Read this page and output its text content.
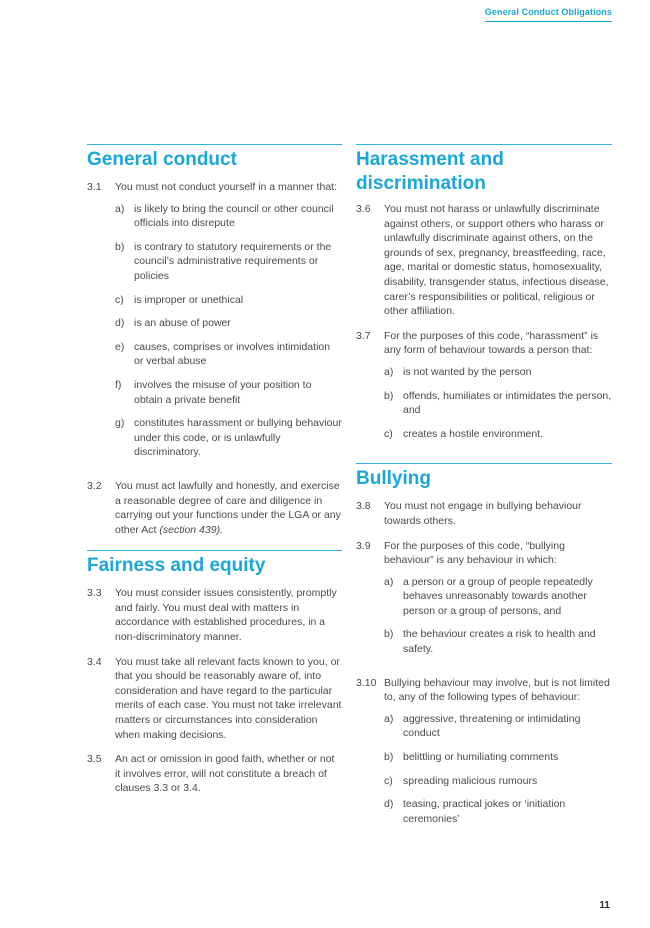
General Conduct Obligations
General conduct
3.1	You must not conduct yourself in a manner that:
a) is likely to bring the council or other council officials into disrepute
b) is contrary to statutory requirements or the council’s administrative requirements or policies
c) is improper or unethical
d) is an abuse of power
e) causes, comprises or involves intimidation or verbal abuse
f)	involves the misuse of your position to obtain a private benefit
g) constitutes harassment or bullying behaviour under this code, or is unlawfully discriminatory.
3.2	You must act lawfully and honestly, and exercise a reasonable degree of care and diligence in carrying out your functions under the LGA or any other Act (section 439).
Fairness and equity
3.3	You must consider issues consistently, promptly and fairly. You must deal with matters in accordance with established procedures, in a non-discriminatory manner.
3.4	You must take all relevant facts known to you, or that you should be reasonably aware of, into consideration and have regard to the particular merits of each case. You must not take irrelevant matters or circumstances into consideration when making decisions.
3.5	An act or omission in good faith, whether or not it involves error, will not constitute a breach of clauses 3.3 or 3.4.
Harassment and discrimination
3.6	You must not harass or unlawfully discriminate against others, or support others who harass or unlawfully discriminate against others, on the grounds of sex, pregnancy, breastfeeding, race, age, marital or domestic status, homosexuality, disability, transgender status, infectious disease, carer’s responsibilities or political, religious or other affiliation.
3.7	For the purposes of this code, “harassment” is any form of behaviour towards a person that:
a) is not wanted by the person
b) offends, humiliates or intimidates the person, and
c) creates a hostile environment.
Bullying
3.8	You must not engage in bullying behaviour towards others.
3.9	For the purposes of this code, “bullying behaviour” is any behaviour in which:
a) a person or a group of people repeatedly behaves unreasonably towards another person or a group of persons, and
b) the behaviour creates a risk to health and safety.
3.10 Bullying behaviour may involve, but is not limited to, any of the following types of behaviour:
a) aggressive, threatening or intimidating conduct
b) belittling or humiliating comments
c) spreading malicious rumours
d) teasing, practical jokes or ‘initiation ceremonies’
11
